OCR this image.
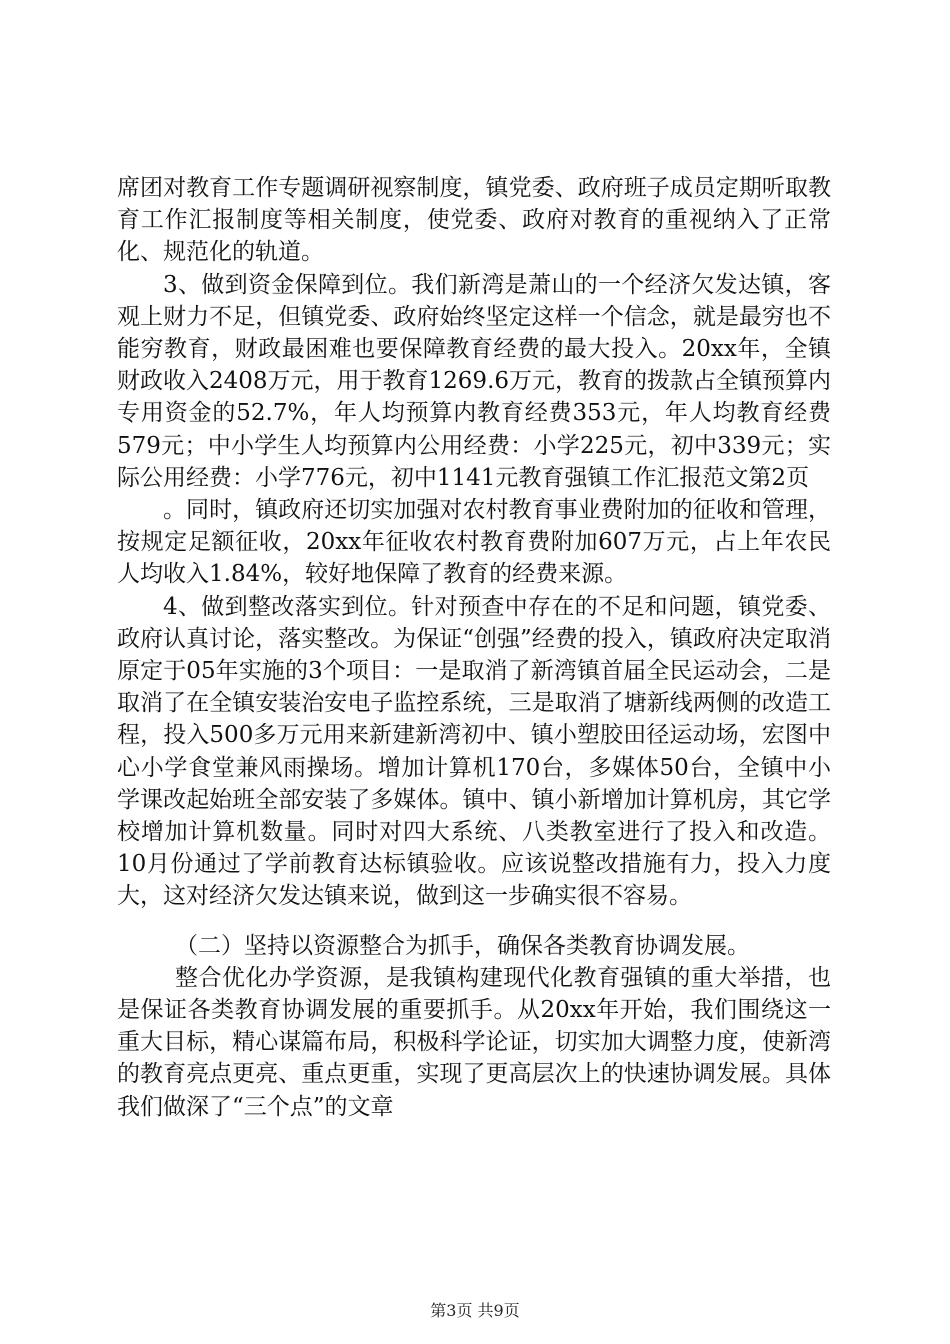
席团对教育工作专题调研视察制度，镇党委、政府班子成员定期听取教育工作汇报制度等相关制度，使党委、政府对教育的重视纳入了正常化、规范化的轨道。

3、做到资金保障到位。我们新湾是萧山的一个经济欠发达镇，客观上财力不足，但镇党委、政府始终坚定这样一个信念，就是最穷也不能穷教育，财政最困难也要保障教育经费的最大投入。20xx年，全镇财政收入2408万元，用于教育1269.6万元，教育的拨款占全镇预算内专用资金的52.7%，年人均预算内教育经费353元，年人均教育经费579元；中小学生人均预算内公用经费：小学225元，初中339元；实际公用经费：小学776元，初中1141元教育强镇工作汇报范文第2页

。同时，镇政府还切实加强对农村教育事业费附加的征收和管理，按规定足额征收，20xx年征收农村教育费附加607万元，占上年农民人均收入1.84%，较好地保障了教育的经费来源。

4、做到整改落实到位。针对预查中存在的不足和问题，镇党委、政府认真讨论，落实整改。为保证“创强”经费的投入，镇政府决定取消原定于05年实施的3个项目：一是取消了新湾镇首届全民运动会，二是取消了在全镇安装治安电子监控系统，三是取消了塘新线两侧的改造工程，投入500多万元用来新建新湾初中、镇小塑胶田径运动场，宏图中心小学食堂兼风雨操场。增加计算机170台，多媒体50台，全镇中小学课改起始班全部安装了多媒体。镇中、镇小新增加计算机房，其它学校增加计算机数量。同时对四大系统、八类教室进行了投入和改造。10月份通过了学前教育达标镇验收。应该说整改措施有力，投入力度大，这对经济欠发达镇来说，做到这一步确实很不容易。

（二）坚持以资源整合为抓手，确保各类教育协调发展。

整合优化办学资源，是我镇构建现代化教育强镇的重大举措，也是保证各类教育协调发展的重要抓手。从20xx年开始，我们围绕这一重大目标，精心谋篇布局，积极科学论证，切实加大调整力度，使新湾的教育亮点更亮、重点更重，实现了更高层次上的快速协调发展。具体我们做深了“三个点”的文章

第3页 共9页
